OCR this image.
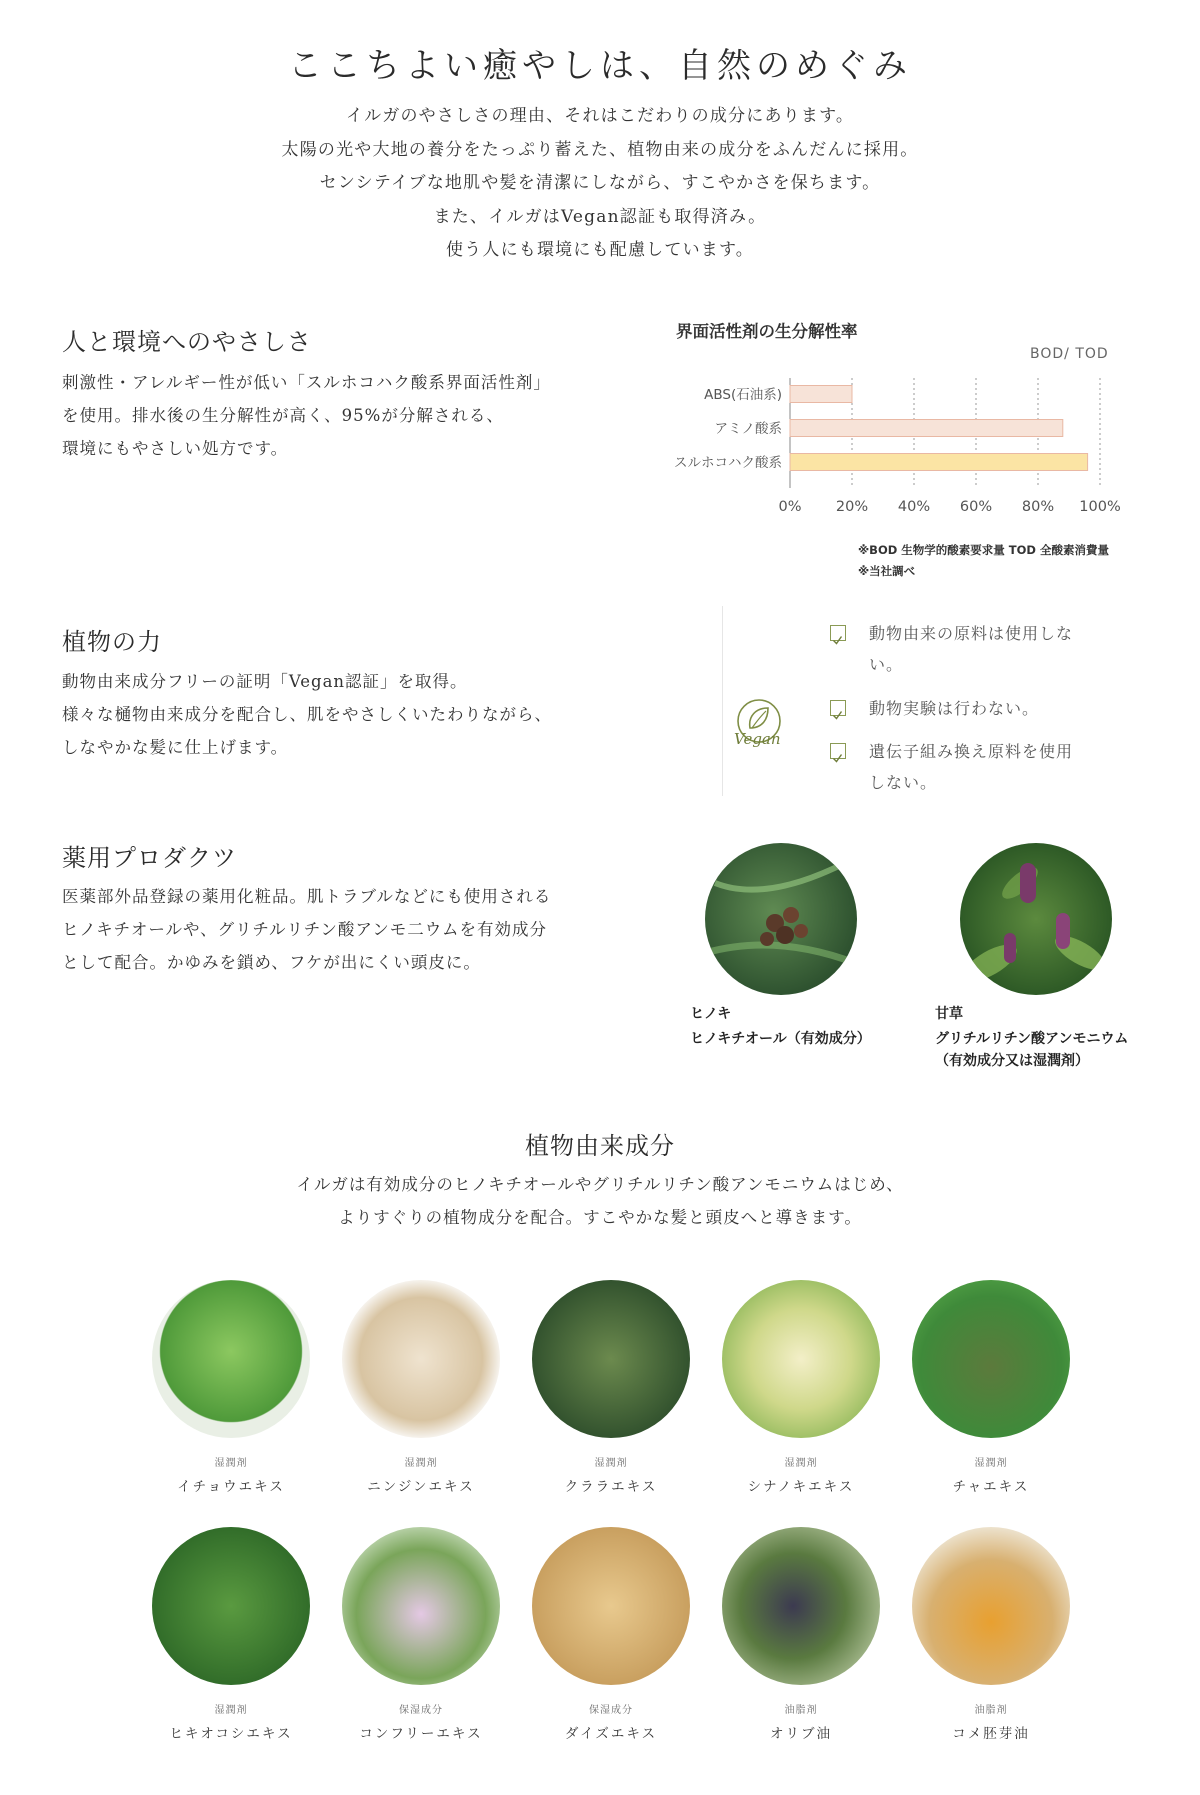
ここちよい癒やしは、自然のめぐみ
イルガのやさしさの理由、それはこだわりの成分にあります。
太陽の光や大地の養分をたっぷり蓄えた、植物由来の成分をふんだんに採用。
センシテイブな地肌や髪を清潔にしながら、すこやかさを保ちます。
また、イルガはVegan認証も取得済み。
使う人にも環境にも配慮しています。
人と環境へのやさしさ
刺激性・アレルギー性が低い「スルホコハク酸系界面活性剤」
を使用。排水後の生分解性が高く、95%が分解される、
環境にもやさしい処方です。
界面活性剤の生分解性率
BOD/ TOD
ABS(石油系)
アミノ酸系
スルホコハク酸系
0% 20% 40% 60% 80% 100%
※BOD 生物学的酸素要求量 TOD 全酸素消費量
※当社調べ
植物の力
動物由来成分フリーの証明「Vegan認証」を取得。
様々な樋物由来成分を配合し、肌をやさしくいたわりながら、
しなやかな髪に仕上げます。	Vegan
動物由来の原料は使用しな
い。
動物実験は行わない。
遺伝子組み換え原料を使用
しない。
薬用プロダクツ
医薬部外品登録の薬用化粧品。肌トラブルなどにも使用される
ヒノキチオールや、グリチルリチン酸アンモ二ウムを有効成分
として配合。かゆみを鎖め、フケが出にくい頭皮に。
ヒノキ
ヒノキチオール（有効成分）
甘草
グリチルリチン酸アンモニウム
（有効成分又は湿潤剤）
植物由来成分
イルガは有効成分のヒノキチオールやグリチルリチン酸アンモニウムはじめ、
よりすぐりの植物成分を配合。すこやかな髪と頭皮へと導きます。
湿潤剤
イチョウエキス
湿潤剤
ニンジンエキス
湿潤剤
クララエキス
湿潤剤
シナノキエキス
湿潤剤
チャエキス
湿潤剤
ヒキオコシエキス
保湿成分
コンフリーエキス
保湿成分
ダイズエキス
油脂剤
オリブ油
油脂剤
コメ胚芽油
